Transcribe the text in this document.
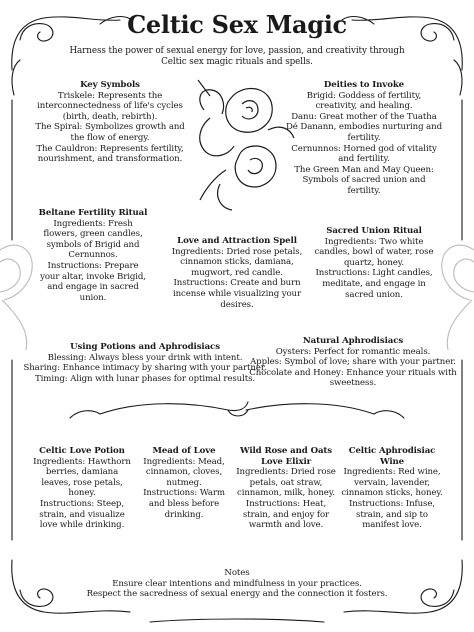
Celtic Sex Magic
Harness the power of sexual energy for love, passion, and creativity through Celtic sex magic rituals and spells.
Key Symbols
Triskele: Represents the interconnectedness of life's cycles (birth, death, rebirth).
The Spiral: Symbolizes growth and the flow of energy.
The Cauldron: Represents fertility, nourishment, and transformation.
Deities to Invoke
Brigid: Goddess of fertility, creativity, and healing.
Danu: Great mother of the Tuatha Dé Danann, embodies nurturing and fertility.
Cernunnos: Horned god of vitality and fertility.
The Green Man and May Queen: Symbols of sacred union and fertility.
Beltane Fertility Ritual
Ingredients: Fresh flowers, green candles, symbols of Brigid and Cernunnos.
Instructions: Prepare your altar, invoke Brigid, and engage in sacred union.
Love and Attraction Spell
Ingredients: Dried rose petals, cinnamon sticks, damiana, mugwort, red candle.
Instructions: Create and burn incense while visualizing your desires.
Sacred Union Ritual
Ingredients: Two white candles, bowl of water, rose quartz, honey.
Instructions: Light candles, meditate, and engage in sacred union.
Using Potions and Aphrodisiacs
Blessing: Always bless your drink with intent.
Sharing: Enhance intimacy by sharing with your partner.
Timing: Align with lunar phases for optimal results.
Natural Aphrodisiacs
Oysters: Perfect for romantic meals.
Apples: Symbol of love; share with your partner.
Chocolate and Honey: Enhance your rituals with sweetness.
Celtic Love Potion
Ingredients: Hawthorn berries, damiana leaves, rose petals, honey.
Instructions: Steep, strain, and visualize love while drinking.
Mead of Love
Ingredients: Mead, cinnamon, cloves, nutmeg.
Instructions: Warm and bless before drinking.
Wild Rose and Oats Love Elixir
Ingredients: Dried rose petals, oat straw, cinnamon, milk, honey.
Instructions: Heat, strain, and enjoy for warmth and love.
Celtic Aphrodisiac Wine
Ingredients: Red wine, vervain, lavender, cinnamon sticks, honey.
Instructions: Infuse, strain, and sip to manifest love.
Notes
Ensure clear intentions and mindfulness in your practices.
Respect the sacredness of sexual energy and the connection it fosters.
